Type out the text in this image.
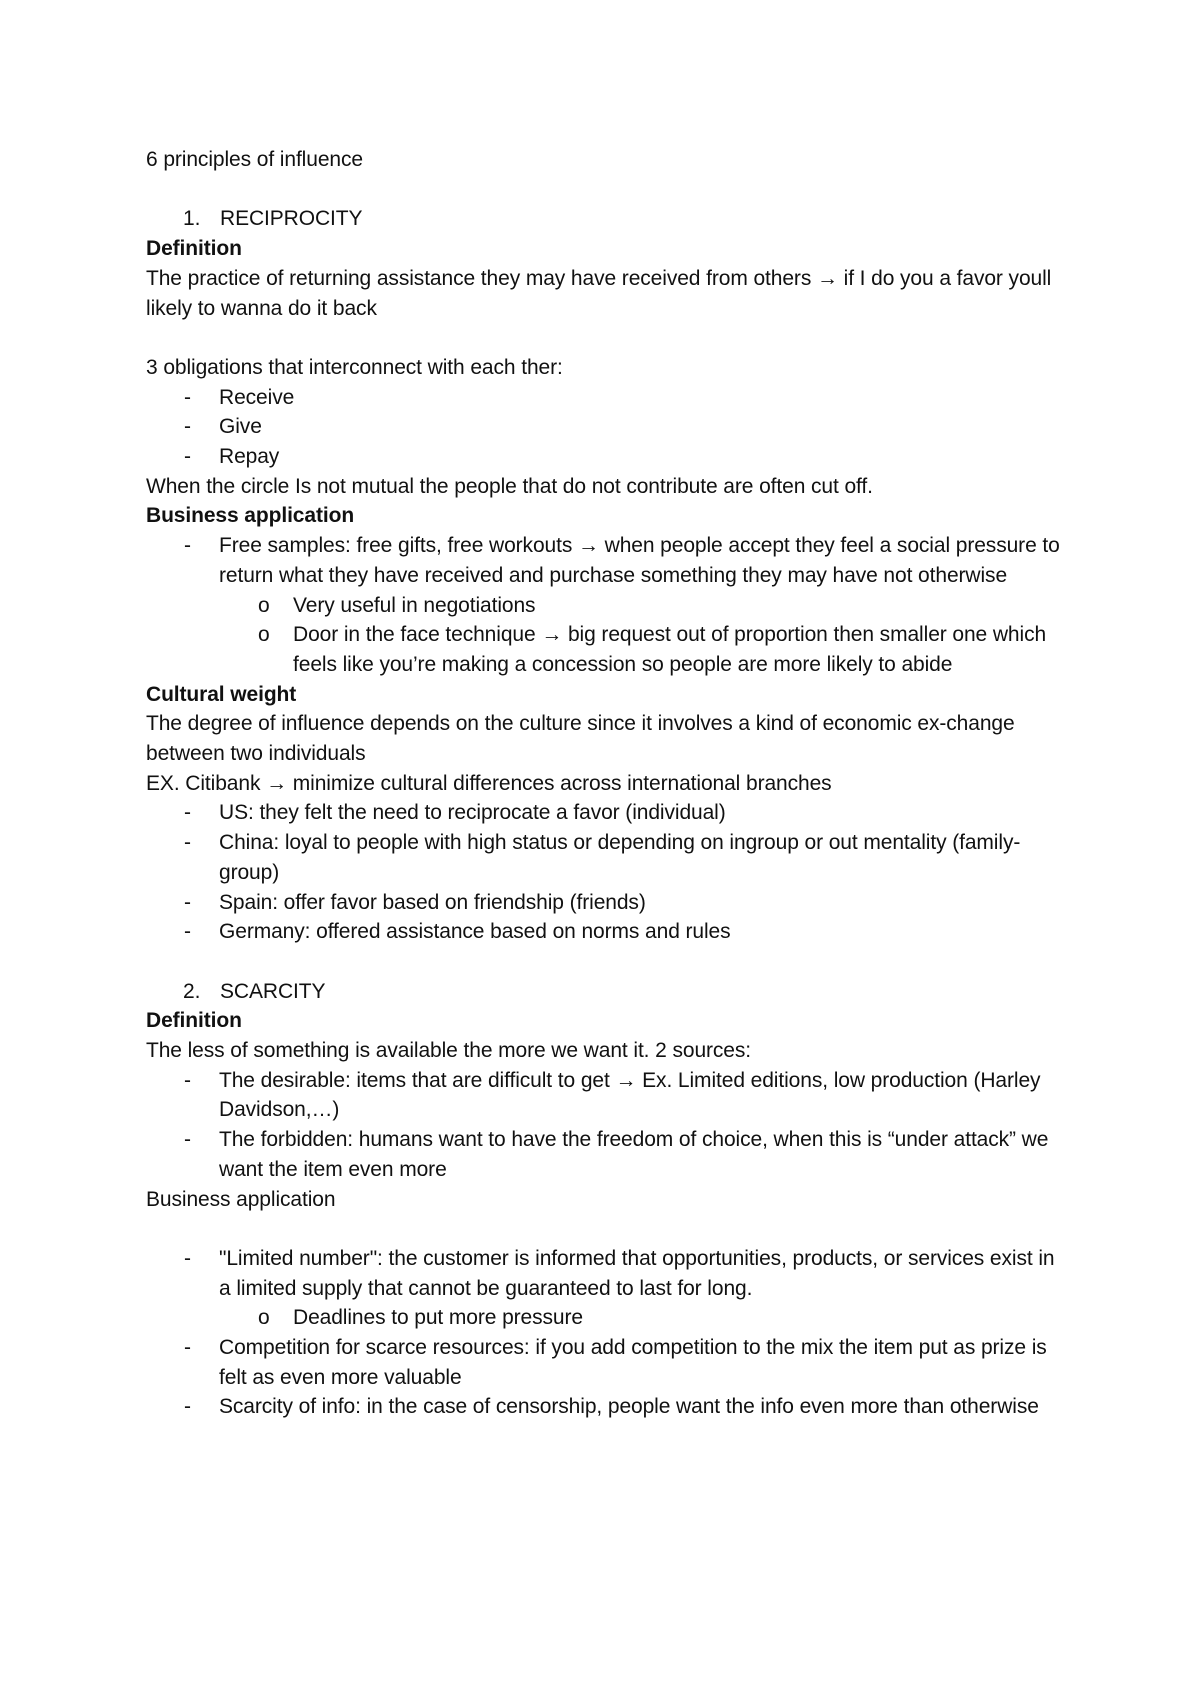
6 principles of influence
1. RECIPROCITY
Definition
The practice of returning assistance they may have received from others → if I do you a favor youll likely to wanna do it back
3 obligations that interconnect with each ther:
- Receive
- Give
- Repay
When the circle Is not mutual the people that do not contribute are often cut off.
Business application
- Free samples: free gifts, free workouts → when people accept they feel a social pressure to return what they have received and purchase something they may have not otherwise
o Very useful in negotiations
o Door in the face technique → big request out of proportion then smaller one which feels like you’re making a concession so people are more likely to abide
Cultural weight
The degree of influence depends on the culture since it involves a kind of economic ex-change between two individuals
EX. Citibank → minimize cultural differences across international branches
- US: they felt the need to reciprocate a favor (individual)
- China: loyal to people with high status or depending on ingroup or out mentality (family- group)
- Spain: offer favor based on friendship (friends)
- Germany: offered assistance based on norms and rules
2. SCARCITY
Definition
The less of something is available the more we want it. 2 sources:
- The desirable: items that are difficult to get → Ex. Limited editions, low production (Harley Davidson,…)
- The forbidden: humans want to have the freedom of choice, when this is “under attack” we want the item even more
Business application
- "Limited number": the customer is informed that opportunities, products, or services exist in a limited supply that cannot be guaranteed to last for long.
o Deadlines to put more pressure
- Competition for scarce resources: if you add competition to the mix the item put as prize is felt as even more valuable
- Scarcity of info: in the case of censorship, people want the info even more than otherwise
